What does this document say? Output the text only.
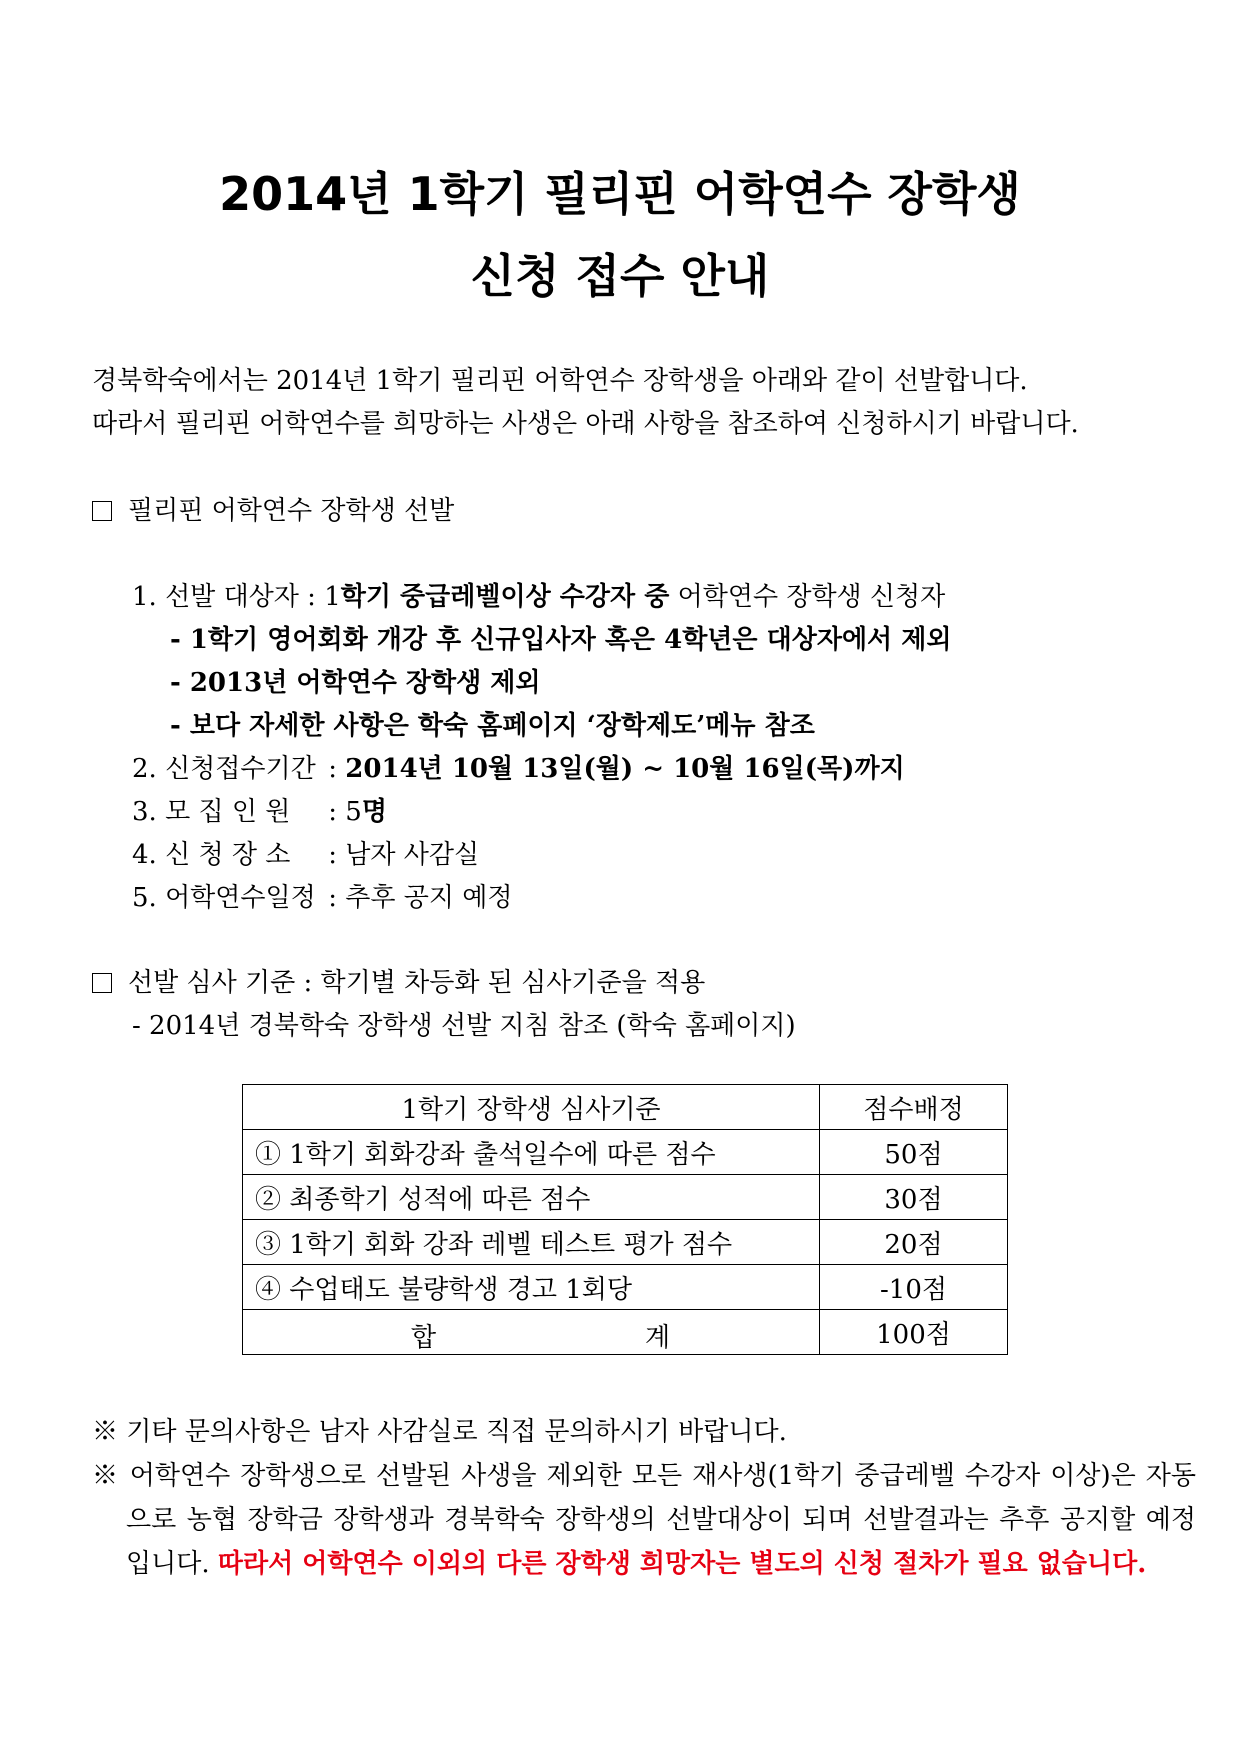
2014년 1학기 필리핀 어학연수 장학생
신청 접수 안내

경북학숙에서는 2014년 1학기 필리핀 어학연수 장학생을 아래와 같이 선발합니다.

따라서 필리핀 어학연수를 희망하는 사생은 아래 사항을 참조하여 신청하시기 바랍니다.

필리핀 어학연수 장학생 선발

1. 선발 대상자 : 1학기 중급레벨이상 수강자 중 어학연수 장학생 신청자

- 1학기 영어회화 개강 후 신규입사자 혹은 4학년은 대상자에서 제외

- 2013년 어학연수 장학생 제외

- 보다 자세한 사항은 학숙 홈페이지 ‘장학제도’메뉴 참조

2. 신청접수기간 : 2014년 10월 13일(월) ~ 10월 16일(목)까지

3. 모 집 인 원 : 5명

4. 신 청 장 소 : 남자 사감실

5. 어학연수일정 : 추후 공지 예정

선발 심사 기준 : 학기별 차등화 된 심사기준을 적용

- 2014년 경북학숙 장학생 선발 지침 참조 (학숙 홈페이지)

1학기 장학생 심사기준	점수배정
① 1학기 회화강좌 출석일수에 따른 점수	50점
② 최종학기 성적에 따른 점수	30점
③ 1학기 회화 강좌 레벨 테스트 평가 점수	20점
④ 수업태도 불량학생 경고 1회당	-10점

합 계	100점

※ 기타 문의사항은 남자 사감실로 직접 문의하시기 바랍니다.

※ 어학연수 장학생으로 선발된 사생을 제외한 모든 재사생(1학기 중급레벨 수강자 이상)은 자동으로 농협 장학금 장학생과 경북학숙 장학생의 선발대상이 되며 선발결과는 추후 공지할 예정입니다. 따라서 어학연수 이외의 다른 장학생 희망자는 별도의 신청 절차가 필요 없습니다.
